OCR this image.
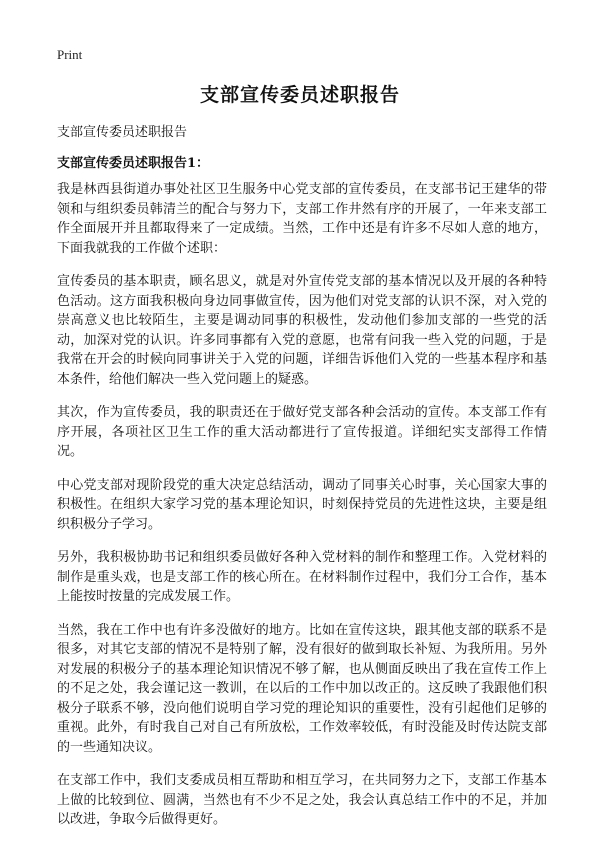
Print
支部宣传委员述职报告
支部宣传委员述职报告
支部宣传委员述职报告1：

我是林西县街道办事处社区卫生服务中心党支部的宣传委员，在支部书记王建华的带领和与组织委员韩清兰的配合与努力下，支部工作井然有序的开展了，一年来支部工作全面展开并且都取得来了一定成绩。当然，工作中还是有许多不尽如人意的地方，下面我就我的工作做个述职：

宣传委员的基本职责，顾名思义，就是对外宣传党支部的基本情况以及开展的各种特色活动。这方面我积极向身边同事做宣传，因为他们对党支部的认识不深，对入党的崇高意义也比较陌生，主要是调动同事的积极性，发动他们参加支部的一些党的活动，加深对党的认识。许多同事都有入党的意愿，也常有问我一些入党的问题，于是我常在开会的时候向同事讲关于入党的问题，详细告诉他们入党的一些基本程序和基本条件，给他们解决一些入党问题上的疑惑。

其次，作为宣传委员，我的职责还在于做好党支部各种会活动的宣传。本支部工作有序开展，各项社区卫生工作的重大活动都进行了宣传报道。详细纪实支部得工作情况。

中心党支部对现阶段党的重大决定总结活动，调动了同事关心时事，关心国家大事的积极性。在组织大家学习党的基本理论知识，时刻保持党员的先进性这块，主要是组织积极分子学习。

另外，我积极协助书记和组织委员做好各种入党材料的制作和整理工作。入党材料的制作是重头戏，也是支部工作的核心所在。在材料制作过程中，我们分工合作，基本上能按时按量的完成发展工作。

当然，我在工作中也有许多没做好的地方。比如在宣传这块，跟其他支部的联系不是很多，对其它支部的情况不是特别了解，没有很好的做到取长补短、为我所用。另外对发展的积极分子的基本理论知识情况不够了解，也从侧面反映出了我在宣传工作上的不足之处，我会谨记这一教训，在以后的工作中加以改正的。这反映了我跟他们积极分子联系不够，没向他们说明自学习党的理论知识的重要性，没有引起他们足够的重视。此外，有时我自己对自己有所放松，工作效率较低，有时没能及时传达院支部的一些通知决议。

在支部工作中，我们支委成员相互帮助和相互学习，在共同努力之下，支部工作基本上做的比较到位、圆满，当然也有不少不足之处，我会认真总结工作中的不足，并加以改进，争取今后做得更好。
